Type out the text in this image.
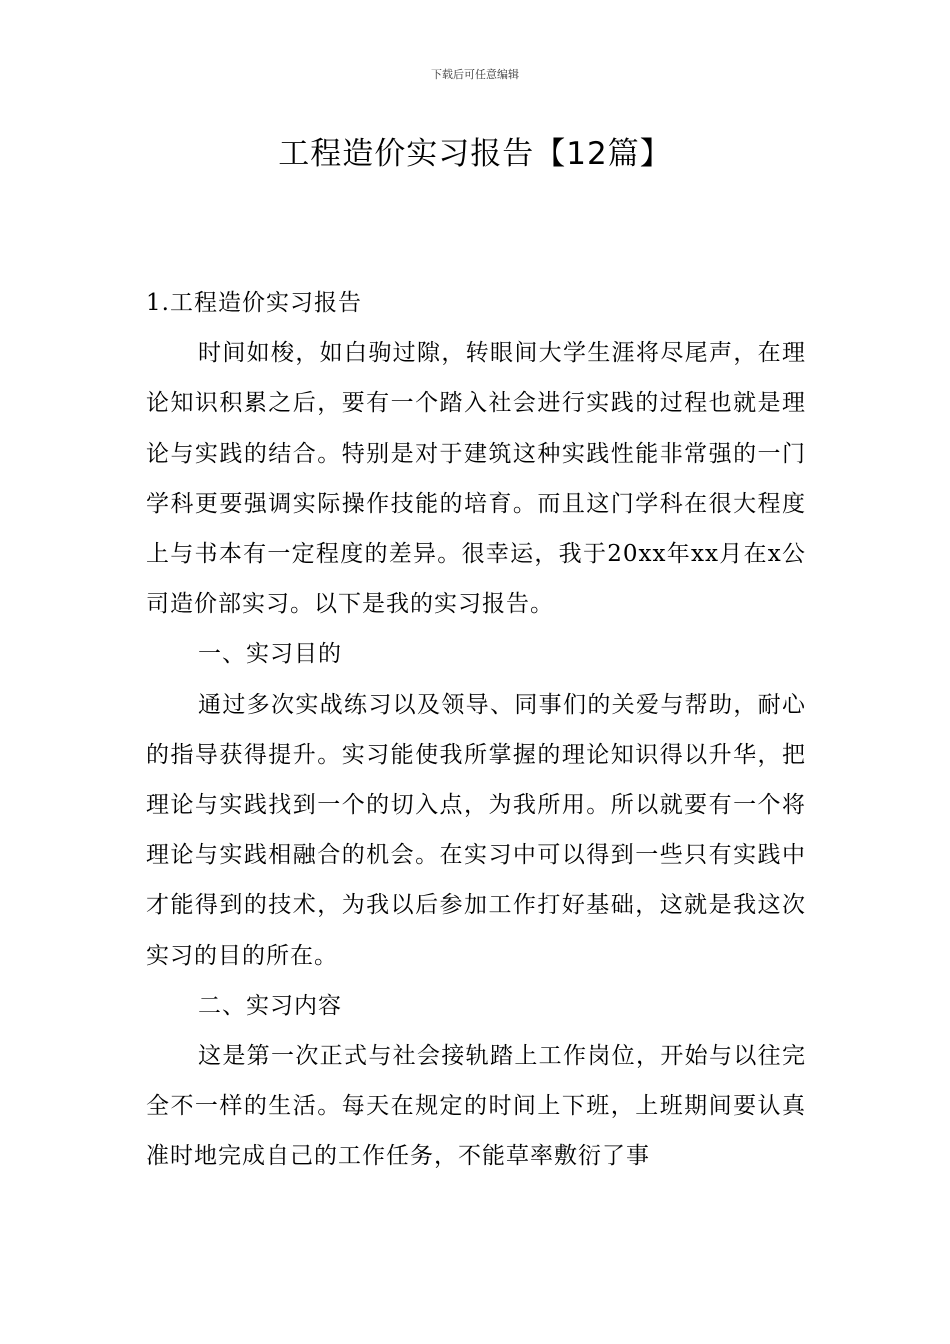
下载后可任意编辑
工程造价实习报告【12篇】

1.工程造价实习报告

时间如梭，如白驹过隙，转眼间大学生涯将尽尾声，在理论知识积累之后，要有一个踏入社会进行实践的过程也就是理论与实践的结合。特别是对于建筑这种实践性能非常强的一门学科更要强调实际操作技能的培育。而且这门学科在很大程度上与书本有一定程度的差异。很幸运，我于20xx年xx月在x公司造价部实习。以下是我的实习报告。

一、实习目的

通过多次实战练习以及领导、同事们的关爱与帮助，耐心的指导获得提升。实习能使我所掌握的理论知识得以升华，把理论与实践找到一个的切入点，为我所用。所以就要有一个将理论与实践相融合的机会。在实习中可以得到一些只有实践中才能得到的技术，为我以后参加工作打好基础，这就是我这次实习的目的所在。

二、实习内容

这是第一次正式与社会接轨踏上工作岗位，开始与以往完全不一样的生活。每天在规定的时间上下班，上班期间要认真准时地完成自己的工作任务，不能草率敷衍了事
